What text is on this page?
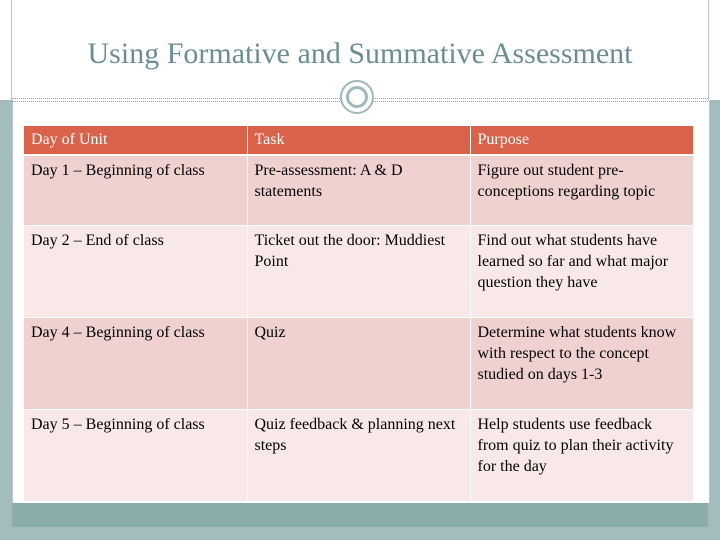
Using Formative and Summative Assessment
Day of Unit	Task	Purpose
Day 1 – Beginning of class	Pre-assessment: A & D statements	Figure out student pre-conceptions regarding topic
Day 2 – End of class	Ticket out the door: Muddiest Point	Find out what students have learned so far and what major question they have
Day 4 – Beginning of class	Quiz	Determine what students know with respect to the concept studied on days 1-3
Day 5 – Beginning of class	Quiz feedback & planning next steps	Help students use feedback from quiz to plan their activity for the day
